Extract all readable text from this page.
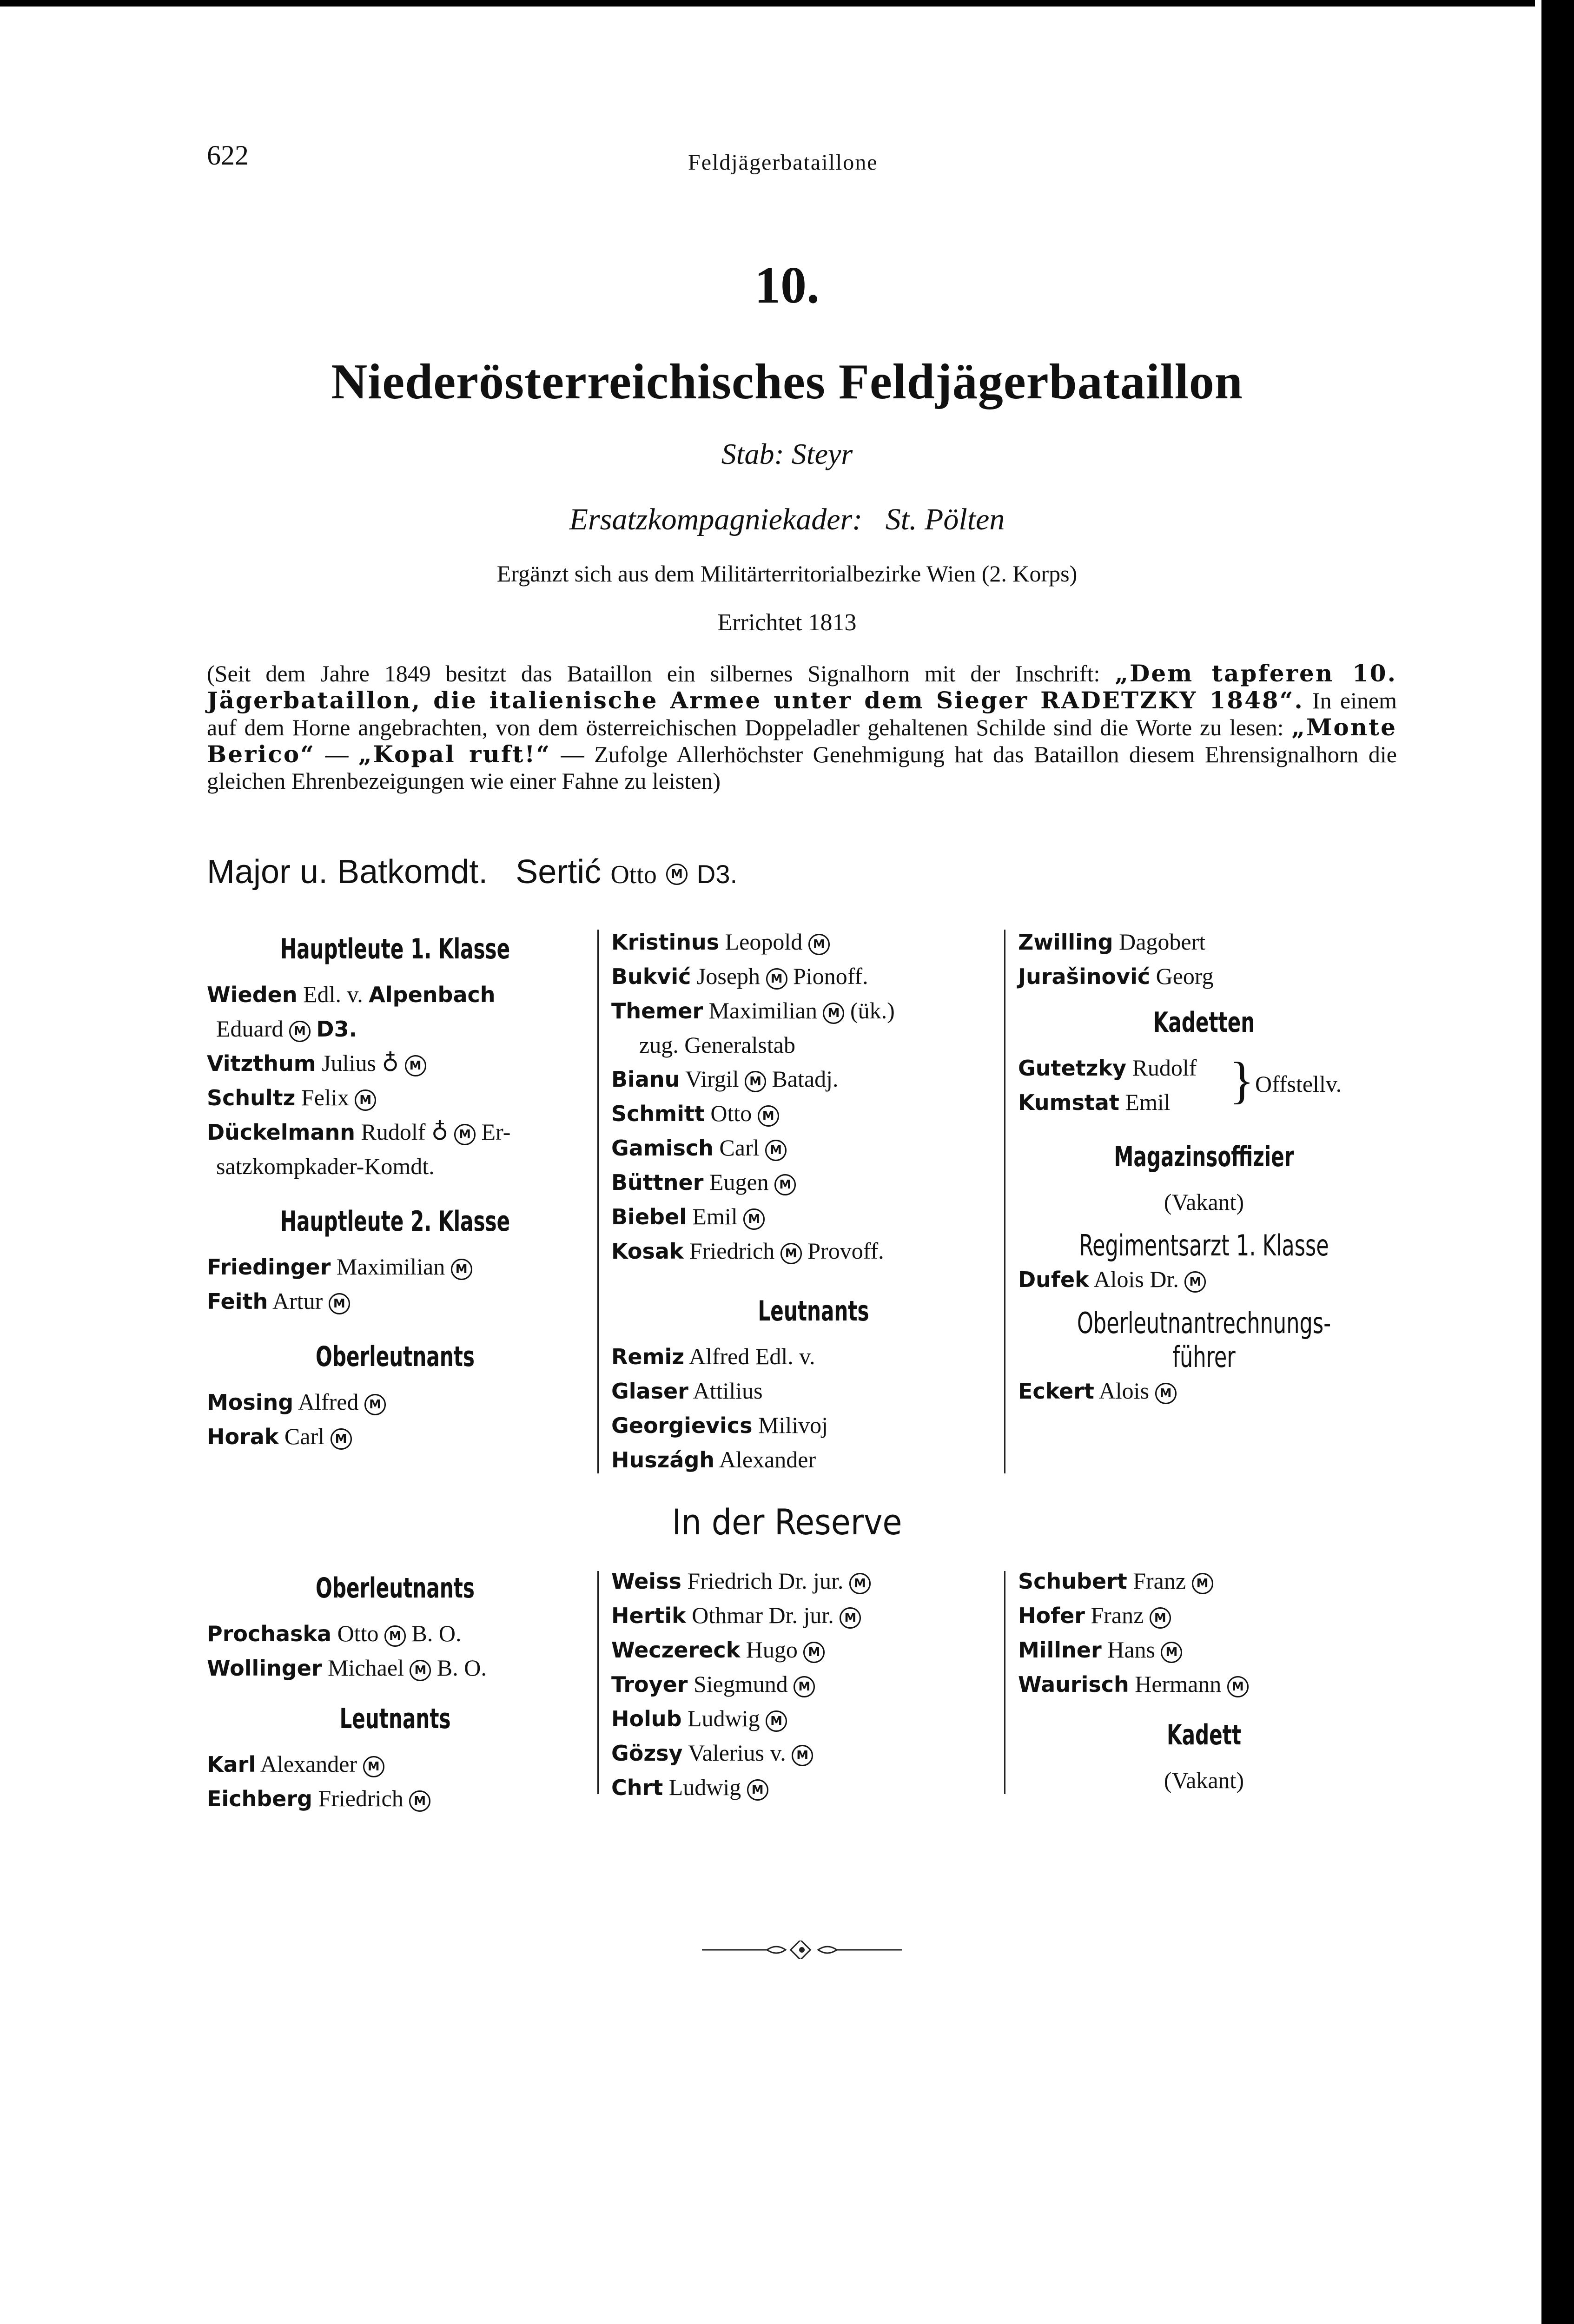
622	Feldjägerbataillone
10.
Niederösterreichisches Feldjägerbataillon
Stab: Steyr
Ersatzkompagniekader:   St. Pölten
Ergänzt sich aus dem Militärterritorialbezirke Wien (2. Korps)
Errichtet 1813
(Seit dem Jahre 1849 besitzt das Bataillon ein silbernes Signalhorn mit der Inschrift: „Dem tapferen 10. Jägerbataillon, die italienische Armee unter dem Sieger RADETZKY 1848“. In einem auf dem Horne angebrachten, von dem österreichischen Doppeladler gehaltenen Schilde sind die Worte zu lesen: „Monte Berico“ — „Kopal ruft!“ — Zufolge Allerhöchster Genehmigung hat das Bataillon diesem Ehrensignalhorn die gleichen Ehrenbezeigungen wie einer Fahne zu leisten)
Major u. Batkomdt. Sertić Otto M D3.
Hauptleute 1. Klasse
Wieden Edl. v. Alpenbach
Eduard M D3.
Vitzthum Julius ♁ M
Schultz Felix M
Dückelmann Rudolf ♁ M Er-
satzkompkader-Komdt.
Hauptleute 2. Klasse
Friedinger Maximilian M
Feith Artur M
Oberleutnants
Mosing Alfred M
Horak Carl M
Kristinus Leopold M
Bukvić Joseph M Pionoff.
Themer Maximilian M (ük.)
zug. Generalstab
Bianu Virgil M Batadj.
Schmitt Otto M
Gamisch Carl M
Büttner Eugen M
Biebel Emil M
Kosak Friedrich M Provoff.
Leutnants
Remiz Alfred Edl. v.
Glaser Attilius
Georgievics Milivoj
Huszágh Alexander
Zwilling Dagobert
Jurašinović Georg
Kadetten
Gutetzky Rudolf
Kumstat Emil	} Offstellv.
Magazinsoffizier
(Vakant)
Regimentsarzt 1. Klasse
Dufek Alois Dr. M
Oberleutnantrechnungs-
führer
Eckert Alois M
In der Reserve
Oberleutnants
Prochaska Otto M B. O.
Wollinger Michael M B. O.
Leutnants
Karl Alexander M
Eichberg Friedrich M
Weiss Friedrich Dr. jur. M
Hertik Othmar Dr. jur. M
Weczereck Hugo M
Troyer Siegmund M
Holub Ludwig M
Gözsy Valerius v. M
Chrt Ludwig M
Schubert Franz M
Hofer Franz M
Millner Hans M
Waurisch Hermann M
Kadett
(Vakant)
